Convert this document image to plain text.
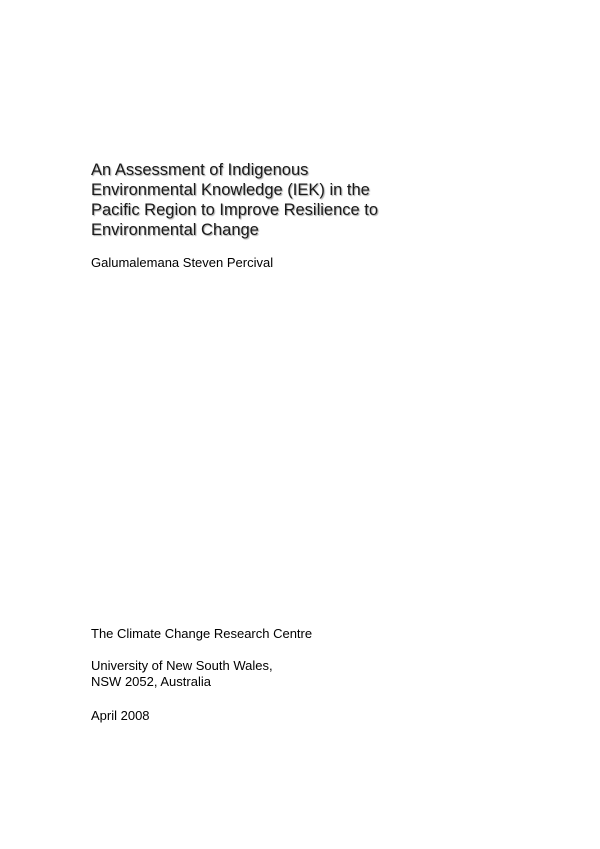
An Assessment of Indigenous
Environmental Knowledge (IEK) in the
Pacific Region to Improve Resilience to
Environmental Change

Galumalemana Steven Percival

The Climate Change Research Centre

University of New South Wales,
NSW 2052, Australia

April 2008
